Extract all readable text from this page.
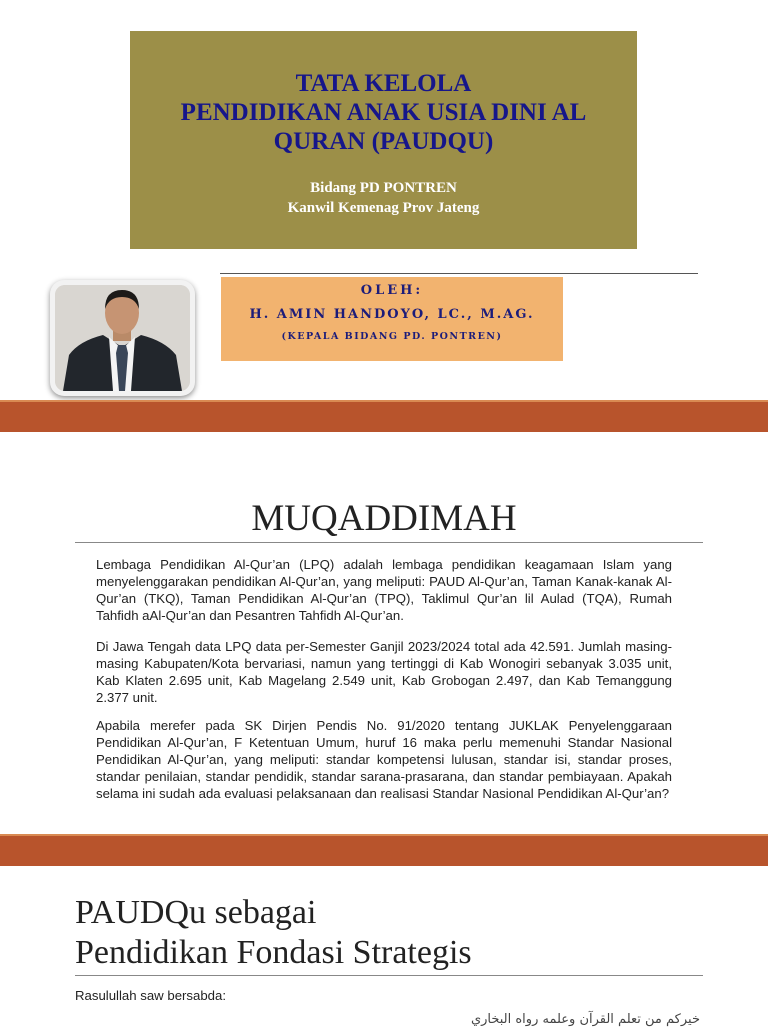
TATA KELOLA
PENDIDIKAN ANAK USIA DINI AL
QURAN (PAUDQU)
Bidang PD PONTREN
Kanwil Kemenag Prov Jateng
OLEH:
H. AMIN HANDOYO, LC., M.AG.
(KEPALA BIDANG PD. PONTREN)
MUQADDIMAH

Lembaga Pendidikan Al-Qur’an (LPQ) adalah lembaga pendidikan keagamaan Islam yang menyelenggarakan pendidikan Al-Qur’an, yang meliputi: PAUD Al-Qur’an, Taman Kanak-kanak Al-Qur’an (TKQ), Taman Pendidikan Al-Qur’an (TPQ), Taklimul Qur’an lil Aulad (TQA), Rumah Tahfidh aAl-Qur’an dan Pesantren Tahfidh Al-Qur’an.

Di Jawa Tengah data LPQ data per-Semester Ganjil 2023/2024 total ada 42.591. Jumlah masing-masing Kabupaten/Kota bervariasi, namun yang tertinggi di Kab Wonogiri sebanyak 3.035 unit, Kab Klaten 2.695 unit, Kab Magelang 2.549 unit, Kab Grobogan 2.497, dan Kab Temanggung 2.377 unit.

Apabila merefer pada SK Dirjen Pendis No. 91/2020 tentang JUKLAK Penyelenggaraan Pendidikan Al-Qur’an, F Ketentuan Umum, huruf 16 maka perlu memenuhi Standar Nasional Pendidikan Al-Qur’an, yang meliputi: standar kompetensi lulusan, standar isi, standar proses, standar penilaian, standar pendidik, standar sarana-prasarana, dan standar pembiayaan. Apakah selama ini sudah ada evaluasi pelaksanaan dan realisasi Standar Nasional Pendidikan Al-Qur’an?

PAUDQu sebagai
Pendidikan Fondasi Strategis
Rasulullah saw bersabda:
خيركم من تعلم القرآن وعلمه رواه البخاري
